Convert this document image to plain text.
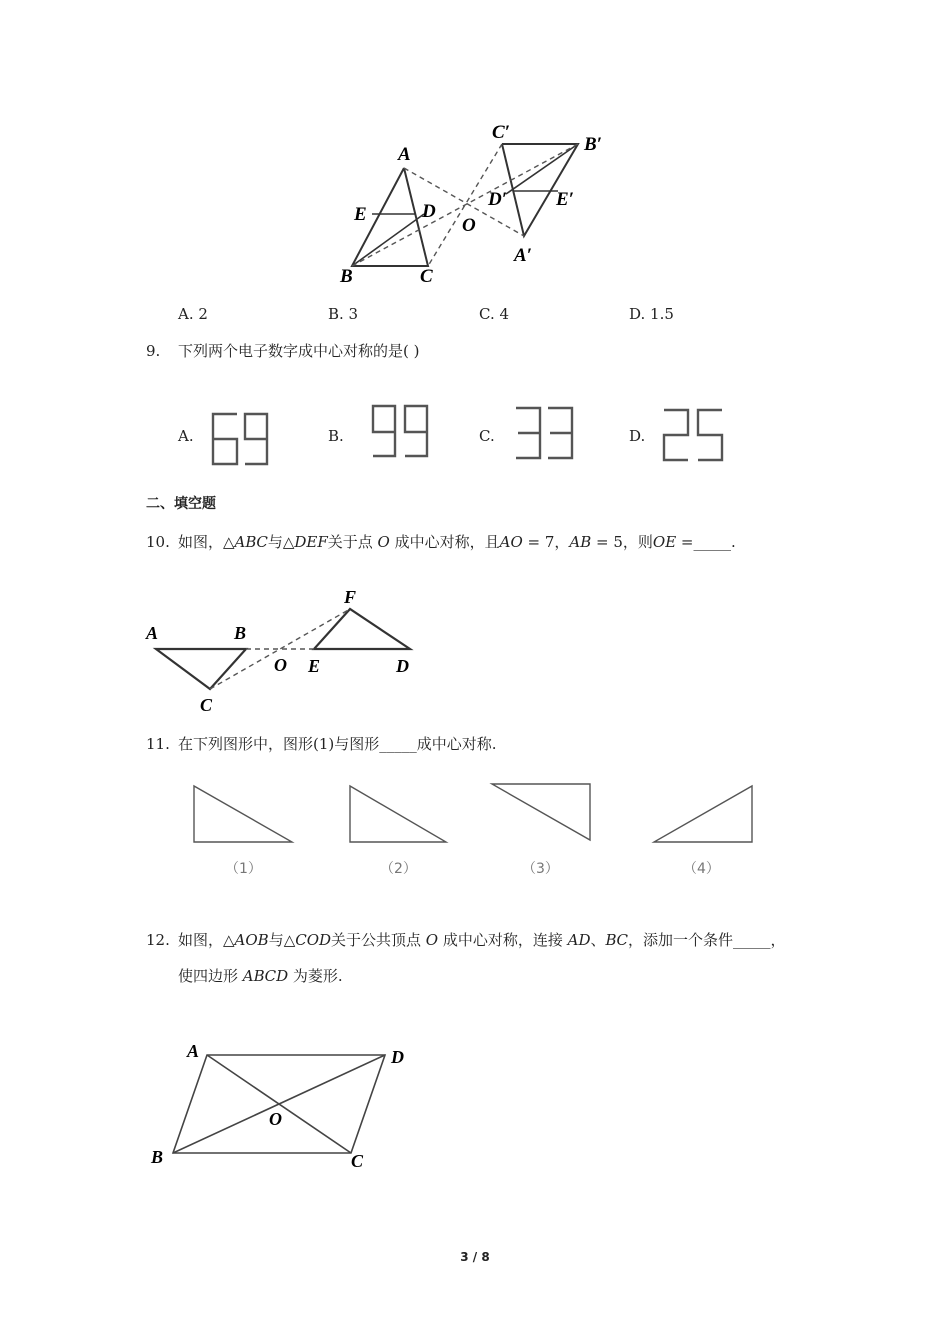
A
B	C
D
E
O
A′
B′
C′
D′	E′
A. 2	B. 3	C. 4	D. 1.5
9. 下列两个电子数字成中心对称的是( )
A.	B.	C.	D.
二、填空题
10. 如图，△𝐴𝐵𝐶与△𝐷𝐸𝐹关于点 𝑂 成中心对称，且𝐴𝑂 = 7，𝐴𝐵 = 5，则𝑂𝐸 =_____.
A	B
C
D
E
F
O
11. 在下列图形中，图形(1)与图形_____成中心对称.
（1）	（2）	（3）	（4）
12. 如图，△𝐴𝑂𝐵与△𝐶𝑂𝐷关于公共顶点 𝑂 成中心对称，连接 𝐴𝐷、𝐵𝐶，添加一个条件_____，
使四边形 𝐴𝐵𝐶𝐷 为菱形.
A
B	C
D
O
3 / 8
